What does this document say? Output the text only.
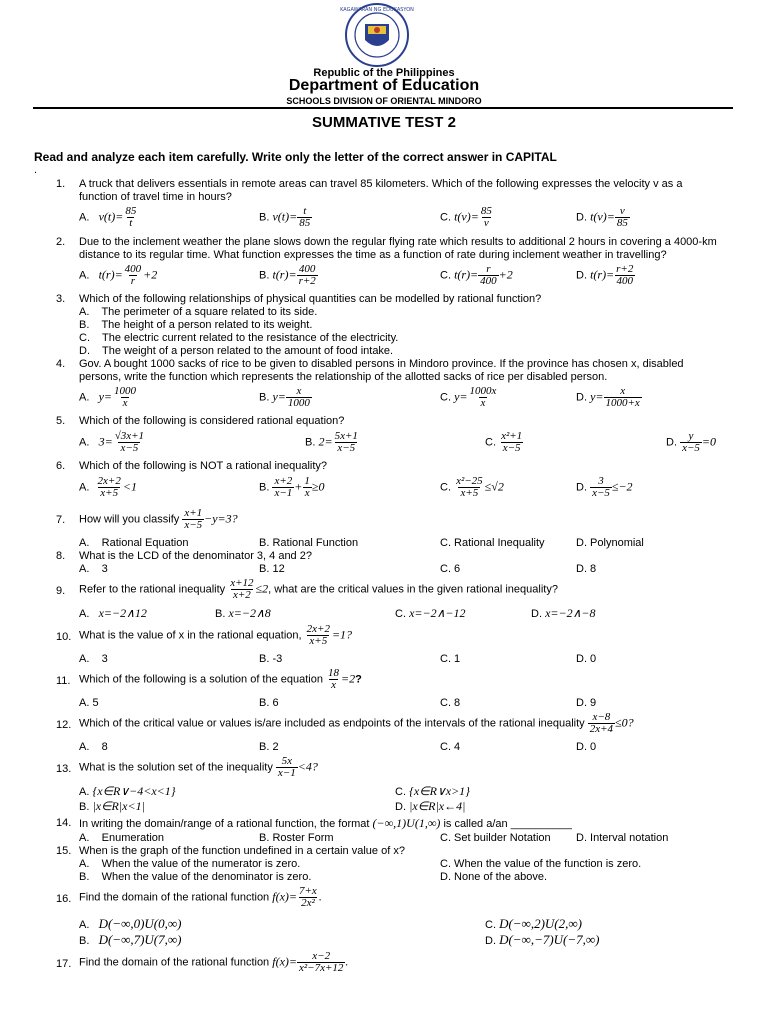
KAGAWARAN NG EDUKASYON
Republic of the Philippines
Department of Education
SCHOOLS DIVISION OF ORIENTAL MINDORO
SUMMATIVE TEST 2
Read and analyze each item carefully. Write only the letter of the correct answer in CAPITAL
.
1. A truck that delivers essentials in remote areas can travel 85 kilometers. Which of the following expresses the velocity v as a
function of travel time in hours?
A. $v(t)= \frac{85}{t}$	B. $v(t)= \frac{t}{85}$	C. $t(v)= \frac{85}{v}$	D. $t(v)= \frac{v}{85}$
2. Due to the inclement weather the plane slows down the regular flying rate which results to additional 2 hours in covering a 4000-km
distance to its regular time. What function expresses the time as a function of rate during inclement weather in travelling?
A. $t(r)= \frac{400}{r} +2$	B. $t(r)= \frac{400}{r+2}$	C. $t(r)= \frac{r}{400} +2$	D. $t(r)= \frac{r+2}{400}$
3. Which of the following relationships of physical quantities can be modelled by rational function?
A. The perimeter of a square related to its side.
B. The height of a person related to its weight.
C. The electric current related to the resistance of the electricity.
D. The weight of a person related to the amount of food intake.
4. Gov. A bought 1000 sacks of rice to be given to disabled persons in Mindoro province. If the province has chosen x, disabled
persons, write the function which represents the relationship of the allotted sacks of rice per disabled person.
A. $y= \frac{1000}{x}$	B. $y= \frac{x}{1000}$	C. $y= \frac{1000x}{x}$	D. $y= \frac{x}{1000+x}$
5. Which of the following is considered rational equation?
A. $3= \frac{√3x+1}{x-5}$	B. $2= \frac{5x+1}{x-5}$	C. $\frac{\text{x²+1}}{x-5}$	D. $\frac{y}{x-5} =0$
6. Which of the following is NOT a rational inequality?
A. $\frac{2x+2}{x+5} <1$	B. $\frac{x+2}{x-1} + \frac{1}{x} \ge 0$	C. $\frac{\text{x²−25}}{x+5} \le√2$	D. $\frac{3}{x-5} \le-2$
7. How will you classify $\frac{x+1}{x-5} -y=3$?
A. Rational Equation	B. Rational Function	C. Rational Inequality	D. Polynomial
8. What is the LCD of the denominator 3, 4 and 2?
A. 3	B. 12	C. 6	D. 8
9. Refer to the rational inequality $\frac{x+12}{x+2} \le 2$, what are the critical values in the given rational inequality?
A. x=−2∧12	B. x=−2∧8	C. x=−2∧−12	D. x=−2∧−8
10. What is the value of x in the rational equation, $\frac{2x+2}{x+5} =1$?
A. 3	B. -3	C. 1	D. 0
11. Which of the following is a solution of the equation $\frac{18}{x} =2$?
A. 5	B. 6	C. 8	D. 9
12. Which of the critical value or values is/are included as endpoints of the intervals of the rational inequality $\frac{x-8}{2x+4} \le 0$?
A. 8	B. 2	C. 4	D. 0
13. What is the solution set of the inequality $\frac{5x}{x-1} <4$?
A. {x∈R∨−4<x<1}
B. |x∈R|x<1|
C. {x∈R∨x>1}
D. |x∈R|x←4|
14. In writing the domain/range of a rational function, the format (−∞,1)U(1,∞) is called a/an __________
A. Enumeration	B. Roster Form	C. Set builder Notation D. Interval notation
15. When is the graph of the function undefined in a certain value of x?
A. When the value of the numerator is zero.
B. When the value of the denominator is zero.
C. When the value of the function is zero.
D. None of the above.
16. Find the domain of the rational function $f(x)= \frac{7+x}{\text{2x²}}$ .
A. D(−∞,0)U(0,∞)
B. D(−∞,7)U(7,∞)
C. D(−∞,2)U(2,∞)
D. D(−∞,−7)U(−7,∞)
17. Find the domain of the rational function $f(x)= \frac{x-2}{\text{x²−7x+12}}$ .
